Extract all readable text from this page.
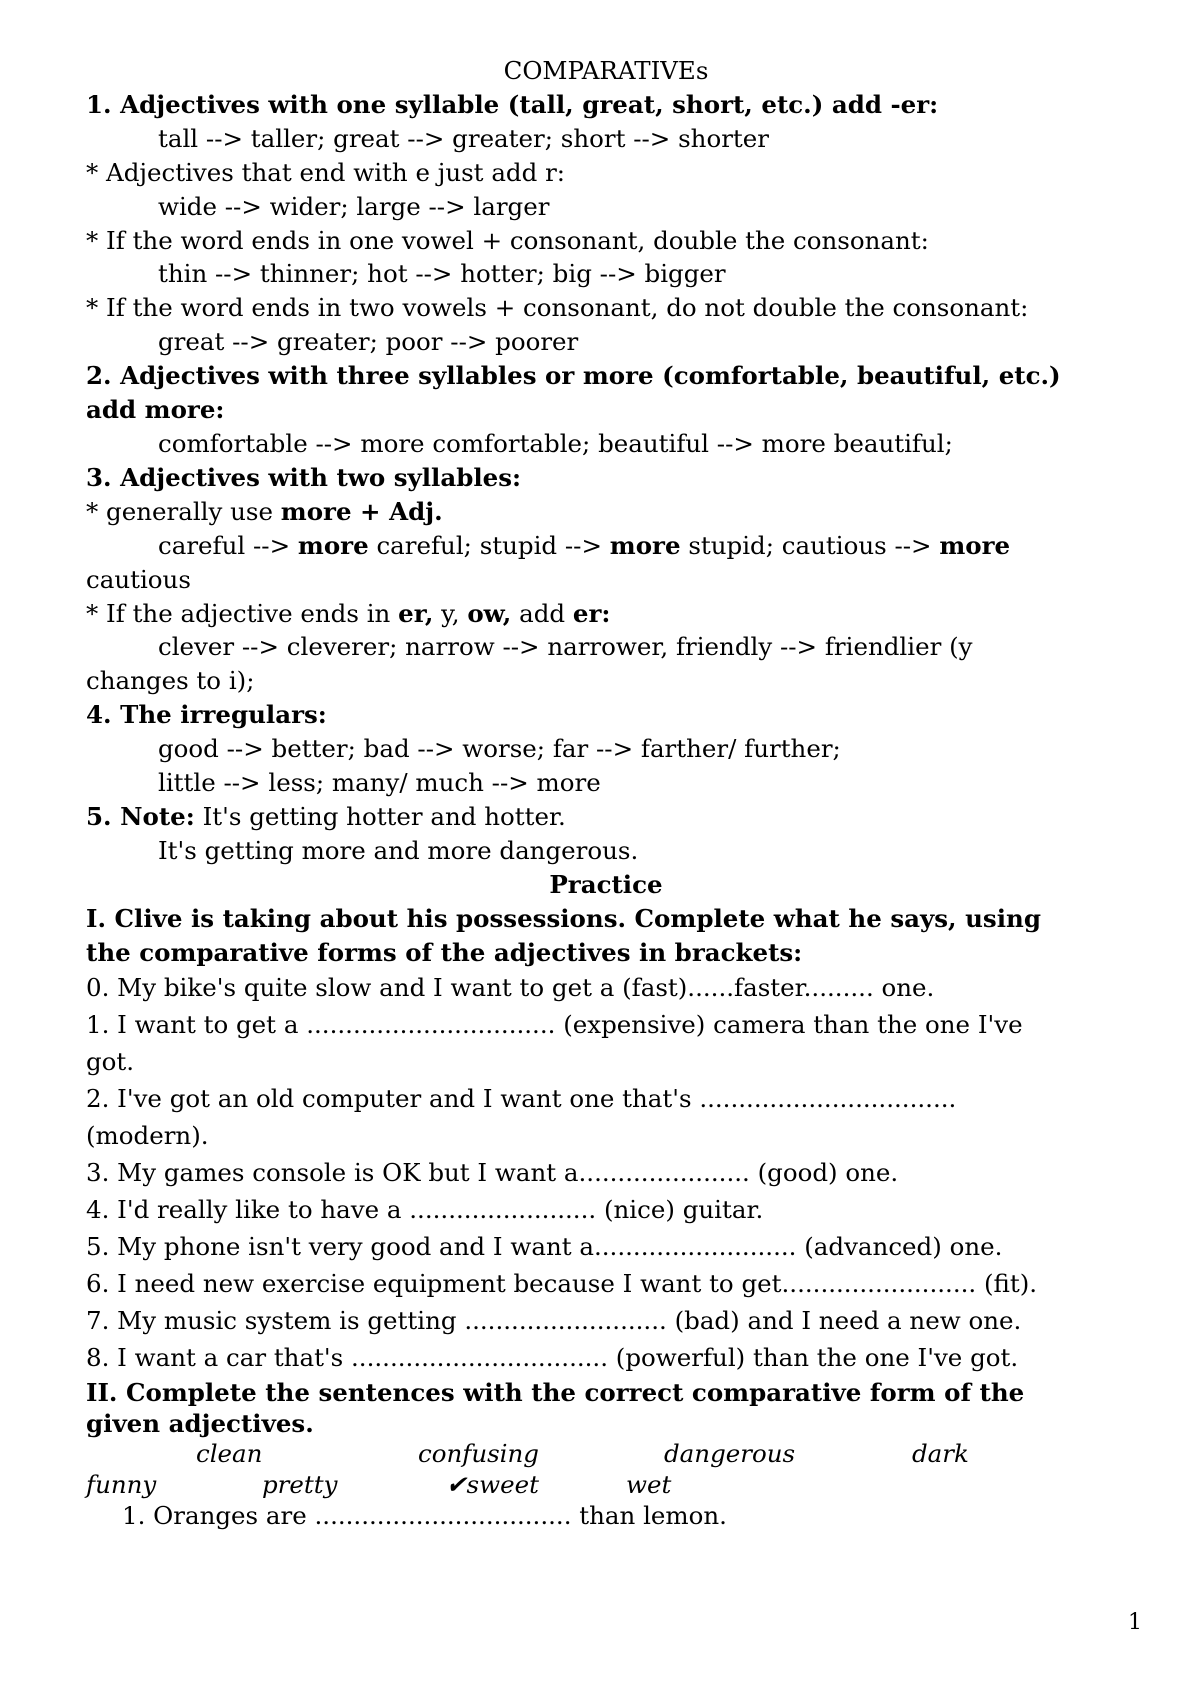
COMPARATIVEs
1. Adjectives with one syllable (tall, great, short, etc.) add -er:
tall --> taller; great --> greater; short --> shorter
* Adjectives that end with e just add r:
wide --> wider; large --> larger
* If the word ends in one vowel + consonant, double the consonant:
thin --> thinner; hot --> hotter; big --> bigger
* If the word ends in two vowels + consonant, do not double the consonant:
great --> greater; poor --> poorer
2. Adjectives with three syllables or more (comfortable, beautiful, etc.)
add more:
comfortable --> more comfortable; beautiful --> more beautiful;
3. Adjectives with two syllables:
* generally use more + Adj.
careful --> more careful; stupid --> more stupid; cautious --> more
cautious
* If the adjective ends in er, y, ow, add er:
clever --> cleverer; narrow --> narrower, friendly --> friendlier (y
changes to i);
4. The irregulars:
good --> better; bad --> worse; far --> farther/ further;
little --> less; many/ much --> more
5. Note: It's getting hotter and hotter.
It's getting more and more dangerous.
Practice
I. Clive is taking about his possessions. Complete what he says, using
the comparative forms of the adjectives in brackets:
0. My bike's quite slow and I want to get a (fast)......faster......... one.
1. I want to get a ................................ (expensive) camera than the one I've
got.
2. I've got an old computer and I want one that's .................................
(modern).
3. My games console is OK but I want a...................... (good) one.
4. I'd really like to have a ........................ (nice) guitar.
5. My phone isn't very good and I want a.......................... (advanced) one.
6. I need new exercise equipment because I want to get......................... (fit).
7. My music system is getting .......................... (bad) and I need a new one.
8. I want a car that's ................................. (powerful) than the one I've got.
II. Complete the sentences with the correct comparative form of the
given adjectives.
clean	confusing	dangerous	dark
funny	pretty	✔sweet	wet
1. Oranges are ................................. than lemon.
1
